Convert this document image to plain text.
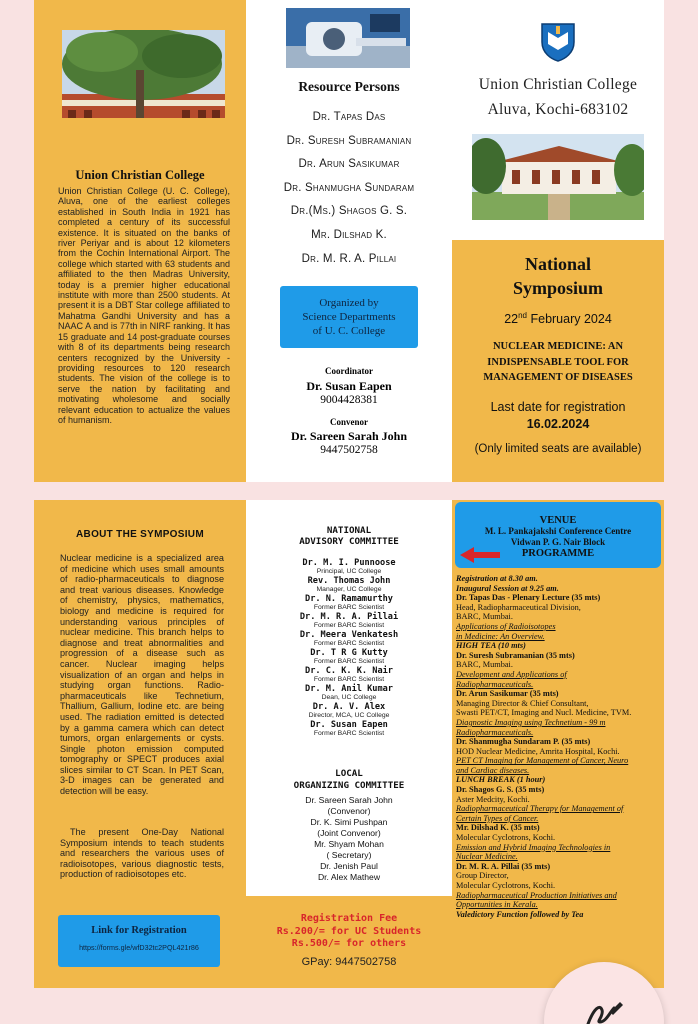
Union Christian College
Union Christian College (U. C. College), Aluva, one of the earliest colleges established in South India in 1921 has completed a century of its successful existence. It is situated on the banks of river Periyar and is about 12 kilometers from the Cochin International Airport. The college which started with 63 students and affiliated to the then Madras University, today is a premier higher educational institute with more than 2500 students. At present it is a DBT Star college affiliated to Mahatma Gandhi University and has a NAAC A and is 77th in NIRF ranking. It has 15 graduate and 14 post-graduate courses with 8 of its departments being research centers recognized by the University - providing resources to 120 research students. The vision of the college is to serve the nation by facilitating and motivating wholesome and socially relevant education to actualize the values of humanism.
Resource Persons
Dr. Tapas Das
Dr. Suresh Subramanian
Dr. Arun Sasikumar
Dr. Shanmugha Sundaram
Dr.(Ms.) Shagos G. S.
Mr. Dilshad K.
Dr. M. R. A. Pillai
Organized by
Science Departments
of U. C. College
Coordinator
Dr. Susan Eapen
9004428381
Convenor
Dr. Sareen Sarah John
9447502758
Union Christian College
Aluva, Kochi-683102
National
Symposium
22nd February 2024
NUCLEAR MEDICINE: AN
INDISPENSABLE TOOL FOR
MANAGEMENT OF DISEASES
Last date for registration
16.02.2024
(Only limited seats are available)
ABOUT THE SYMPOSIUM
Nuclear medicine is a specialized area of medicine which uses small amounts of radio-pharmaceuticals to diagnose and treat various diseases. Knowledge of chemistry, physics, mathematics, biology and medicine is required for understanding various principles of nuclear medicine. This branch helps to diagnose and treat abnormalities and progression of a disease such as cancer. Nuclear imaging helps visualization of an organ and helps in studying organ functions. Radio-pharmaceuticals like Technetium, Thallium, Gallium, Iodine etc. are being used. The radiation emitted is detected by a gamma camera which can detect tumors, organ enlargements or cysts. Single photon emission computed tomography or SPECT produces axial slices similar to CT Scan. In PET Scan, 3-D images can be generated and detection will be easy.
The present One-Day National Symposium intends to teach students and researchers the various uses of radioisotopes, various diagnostic tests, production of radioisotopes etc.
Link for Registration
https://forms.gle/wfD32tc2PQL421r86
NATIONAL
ADVISORY COMMITTEE
Dr. M. I. Punnoose
Principal, UC College
Rev. Thomas John
Manager, UC College
Dr. N. Ramamurthy
Former BARC Scientist
Dr. M. R. A. Pillai
Former BARC Scientist
Dr. Meera Venkatesh
Former BARC Scientist
Dr. T R G Kutty
Former BARC Scientist
Dr. C. K. K. Nair
Former BARC Scientist
Dr. M. Anil Kumar
Dean, UC College
Dr. A. V. Alex
Director, MCA, UC College
Dr. Susan Eapen
Former BARC Scientist
LOCAL
ORGANIZING COMMITTEE
Dr. Sareen Sarah John
(Convenor)
Dr. K. Simi Pushpan
(Joint Convenor)
Mr. Shyam Mohan
( Secretary)
Dr. Jenish Paul
Dr. Alex Mathew
Registration Fee
Rs.200/= for UC Students
Rs.500/= for others
GPay: 9447502758
VENUE
M. L. Pankajakshi Conference Centre
Vidwan P. G. Nair Block
PROGRAMME
Registration at 8.30 am.
Inaugural Session at 9.25 am.
Dr. Tapas Das - Plenary Lecture (35 mts)
Head, Radiopharmaceutical Division,
BARC, Mumbai.
Applications of Radioisotopes
in Medicine: An Overview.
HIGH TEA (10 mts)
Dr. Suresh Subramanian (35 mts)
BARC, Mumbai.
Development and Applications of
Radiopharmaceuticals.
Dr. Arun Sasikumar (35 mts)
Managing Director & Chief Consultant,
Swasti PET/CT, Imaging and Nucl. Medicine, TVM.
Diagnostic Imaging using Technetium - 99 m
Radiopharmaceuticals.
Dr. Shanmugha Sundaram P. (35 mts)
HOD Nuclear Medicine, Amrita Hospital, Kochi.
PET CT Imaging for Management of Cancer, Neuro
and Cardiac diseases.
LUNCH BREAK (1 hour)
Dr. Shagos G. S. (35 mts)
Aster Medcity, Kochi.
Radiopharmaceutical Therapy for Management of
Certain Types of Cancer.
Mr. Dilshad K. (35 mts)
Molecular Cyclotrons, Kochi.
Emission and Hybrid Imaging Technologies in
Nuclear Medicine.
Dr. M. R. A. Pillai (35 mts)
Group Director,
Molecular Cyclotrons, Kochi.
Radiopharmaceutical Production Initiatives and
Opportunities in Kerala.
Valedictory Function followed by Tea
